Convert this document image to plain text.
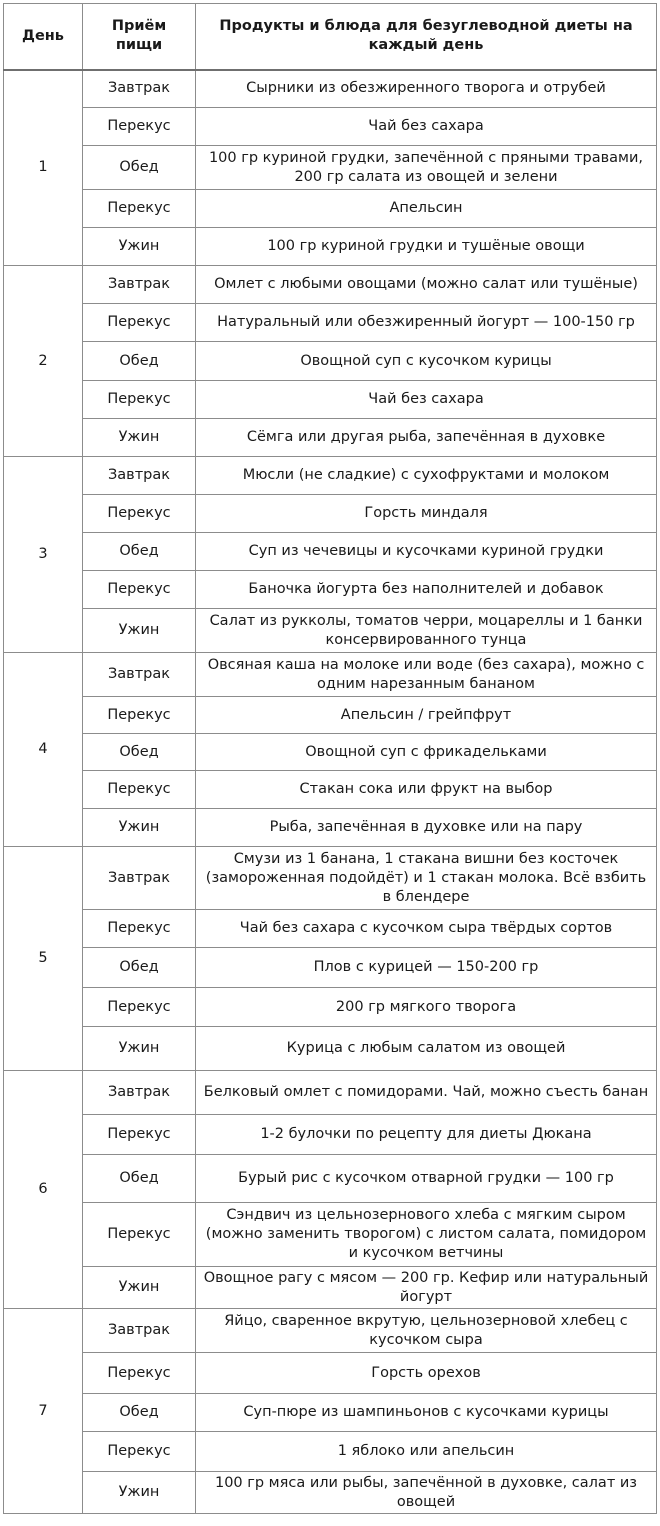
День	Приём пищи	Продукты и блюда для безуглеводной диеты на каждый день
1	Завтрак	Сырники из обезжиренного творога и отрубей
	Перекус	Чай без сахара
	Обед	100 гр куриной грудки, запечённой с пряными травами, 200 гр салата из овощей и зелени
	Перекус	Апельсин
	Ужин	100 гр куриной грудки и тушёные овощи
2	Завтрак	Омлет с любыми овощами (можно салат или тушёные)
	Перекус	Натуральный или обезжиренный йогурт — 100-150 гр
	Обед	Овощной суп с кусочком курицы
	Перекус	Чай без сахара
	Ужин	Сёмга или другая рыба, запечённая в духовке
3	Завтрак	Мюсли (не сладкие) с сухофруктами и молоком
	Перекус	Горсть миндаля
	Обед	Суп из чечевицы и кусочками куриной грудки
	Перекус	Баночка йогурта без наполнителей и добавок
	Ужин	Салат из рукколы, томатов черри, моцареллы и 1 банки консервированного тунца
4	Завтрак	Овсяная каша на молоке или воде (без сахара), можно с одним нарезанным бананом
	Перекус	Апельсин / грейпфрут
	Обед	Овощной суп с фрикадельками
	Перекус	Стакан сока или фрукт на выбор
	Ужин	Рыба, запечённая в духовке или на пару
5	Завтрак	Смузи из 1 банана, 1 стакана вишни без косточек (замороженная подойдёт) и 1 стакан молока. Всё взбить в блендере
	Перекус	Чай без сахара с кусочком сыра твёрдых сортов
	Обед	Плов с курицей — 150-200 гр
	Перекус	200 гр мягкого творога
	Ужин	Курица с любым салатом из овощей
6	Завтрак	Белковый омлет с помидорами. Чай, можно съесть банан
	Перекус	1-2 булочки по рецепту для диеты Дюкана
	Обед	Бурый рис с кусочком отварной грудки — 100 гр
	Перекус	Сэндвич из цельнозернового хлеба с мягким сыром (можно заменить творогом) с листом салата, помидором и кусочком ветчины
	Ужин	Овощное рагу с мясом — 200 гр. Кефир или натуральный йогурт
7	Завтрак	Яйцо, сваренное вкрутую, цельнозерновой хлебец с кусочком сыра
	Перекус	Горсть орехов
	Обед	Суп-пюре из шампиньонов с кусочками курицы
	Перекус	1 яблоко или апельсин
	Ужин	100 гр мяса или рыбы, запечённой в духовке, салат из овощей
